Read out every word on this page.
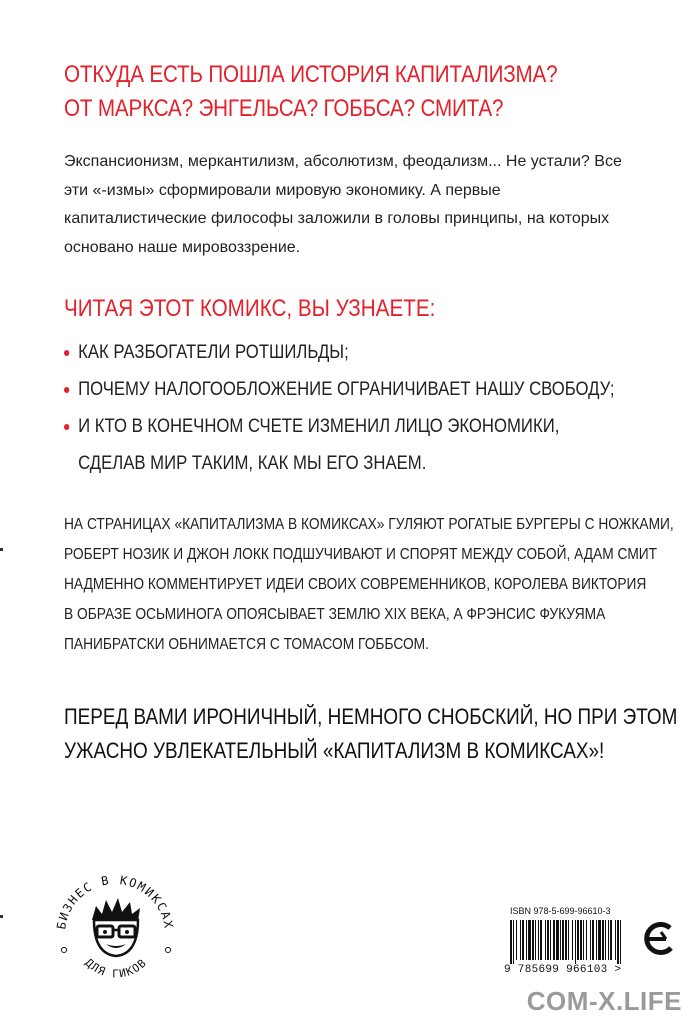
ОТКУДА ЕСТЬ ПОШЛА ИСТОРИЯ КАПИТАЛИЗМА?
ОТ МАРКСА? ЭНГЕЛЬСА? ГОББСА? СМИТА?
Экспансионизм, меркантилизм, абсолютизм, феодализм... Не устали? Все эти «-измы» сформировали мировую экономику. А первые капиталистические философы заложили в головы принципы, на которых основано наше мировоззрение.
ЧИТАЯ ЭТОТ КОМИКС, ВЫ УЗНАЕТЕ:
КАК РАЗБОГАТЕЛИ РОТШИЛЬДЫ;
ПОЧЕМУ НАЛОГООБЛОЖЕНИЕ ОГРАНИЧИВАЕТ НАШУ СВОБОДУ;
И КТО В КОНЕЧНОМ СЧЕТЕ ИЗМЕНИЛ ЛИЦО ЭКОНОМИКИ,
СДЕЛАВ МИР ТАКИМ, КАК МЫ ЕГО ЗНАЕМ.
НА СТРАНИЦАХ «КАПИТАЛИЗМА В КОМИКСАХ» ГУЛЯЮТ РОГАТЫЕ БУРГЕРЫ С НОЖКАМИ,
РОБЕРТ НОЗИК И ДЖОН ЛОКК ПОДШУЧИВАЮТ И СПОРЯТ МЕЖДУ СОБОЙ, АДАМ СМИТ
НАДМЕННО КОММЕНТИРУЕТ ИДЕИ СВОИХ СОВРЕМЕННИКОВ, КОРОЛЕВА ВИКТОРИЯ
В ОБРАЗЕ ОСЬМИНОГА ОПОЯСЫВАЕТ ЗЕМЛЮ XIX ВЕКА, А ФРЭНСИС ФУКУЯМА
ПАНИБРАТСКИ ОБНИМАЕТСЯ С ТОМАСОМ ГОББСОМ.
ПЕРЕД ВАМИ ИРОНИЧНЫЙ, НЕМНОГО СНОБСКИЙ, НО ПРИ ЭТОМ
УЖАСНО УВЛЕКАТЕЛЬНЫЙ «КАПИТАЛИЗМ В КОМИКСАХ»!
БИЗНЕС В КОМИКСАХ
ДЛЯ ГИКОВ
ISBN 978-5-699-96610-3
9 785699 966103 >
COM-X.LIFE
